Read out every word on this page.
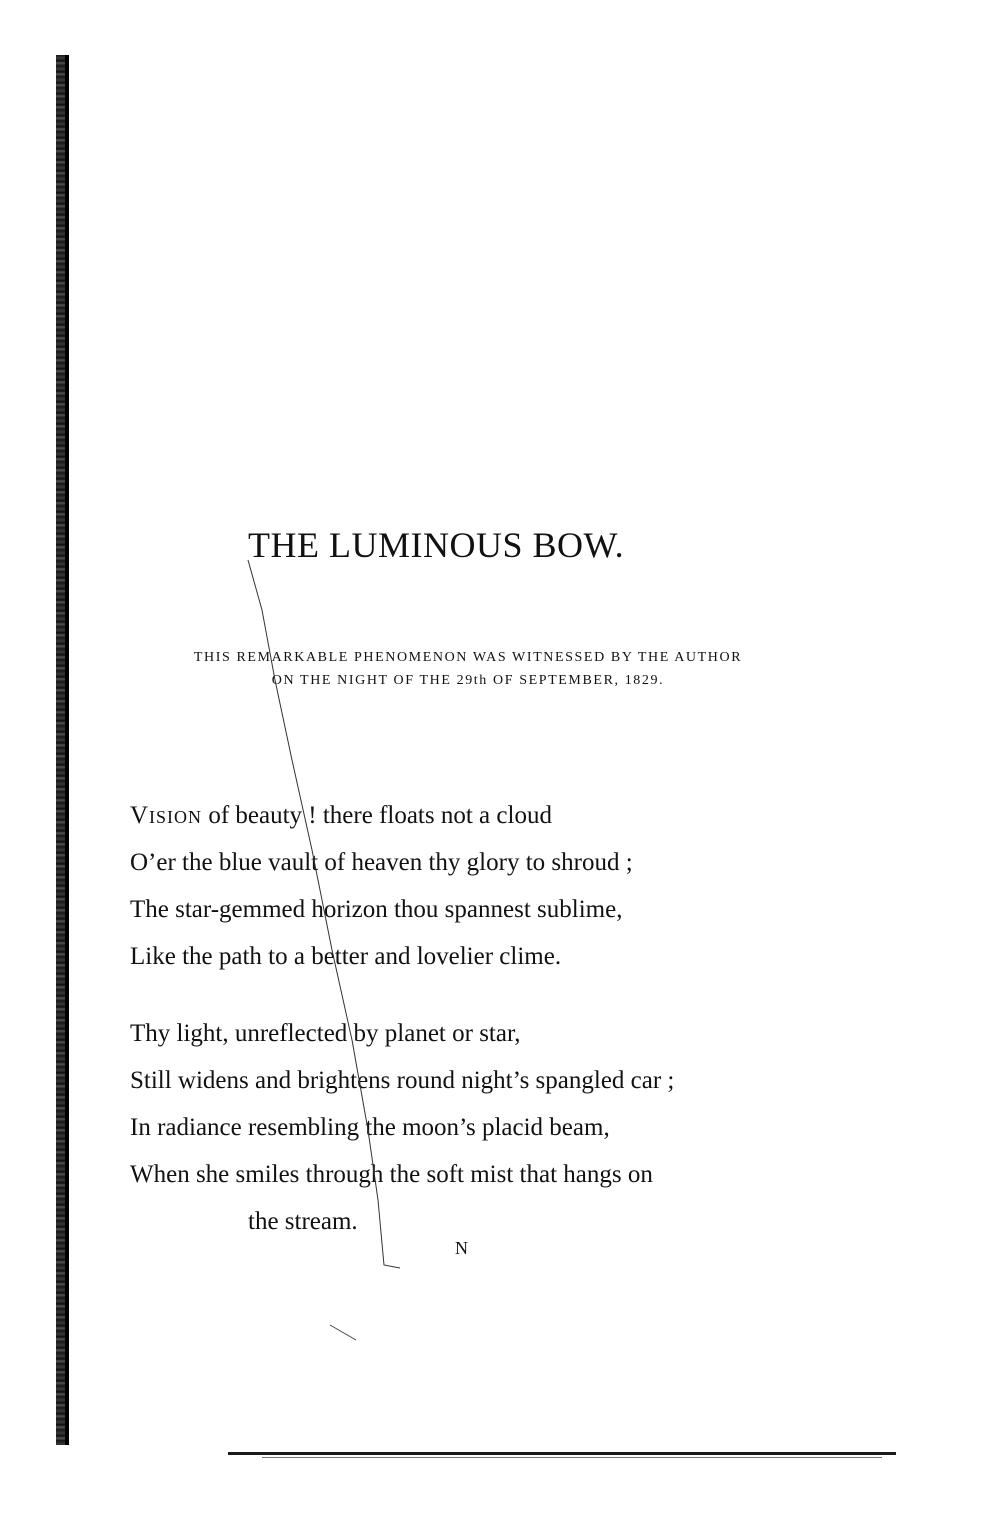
THE LUMINOUS BOW.
THIS REMARKABLE PHENOMENON WAS WITNESSED BY THE AUTHOR
ON THE NIGHT OF THE 29th OF SEPTEMBER, 1829.
Vision of beauty ! there floats not a cloud
O’er the blue vault of heaven thy glory to shroud ;
The star-gemmed horizon thou spannest sublime,
Like the path to a better and lovelier clime.
Thy light, unreflected by planet or star,
Still widens and brightens round night’s spangled car ;
In radiance resembling the moon’s placid beam,
When she smiles through the soft mist that hangs on
the stream.
N
